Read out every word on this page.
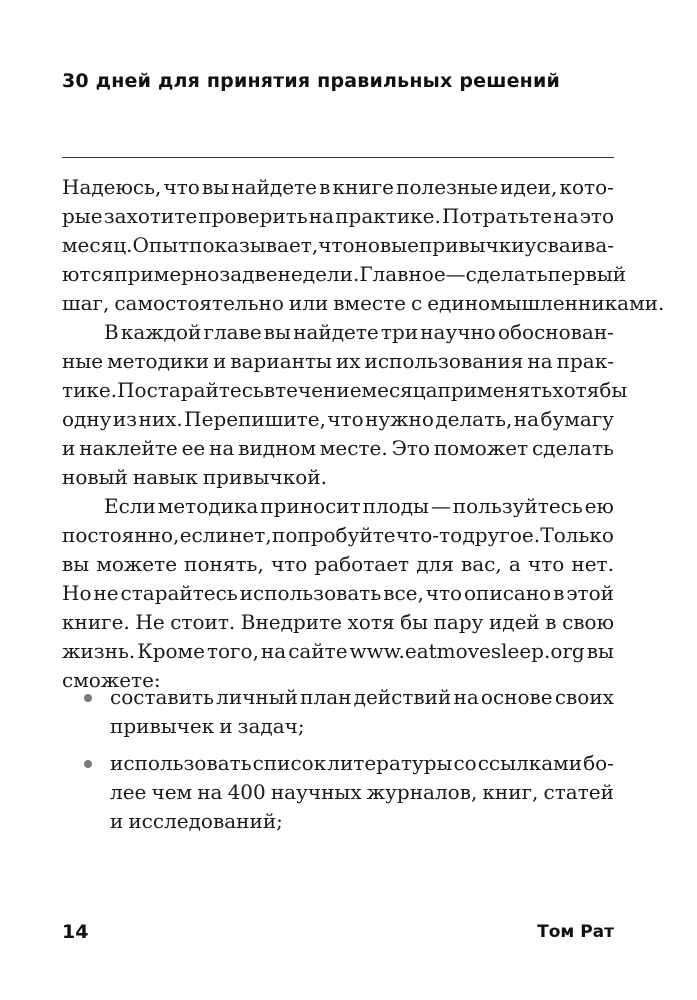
30 дней для принятия правильных решений
Надеюсь, что вы найдете в книге полезные идеи, кото-
рые захотите проверить на практике. Потратьте на это
месяц. Опыт показывает, что новые привычки усваива-
ются примерно за две недели. Главное — сделать первый
шаг, самостоятельно или вместе с единомышленниками.
В каждой главе вы найдете три научно обоснован-
ные методики и варианты их использования на прак-
тике. Постарайтесь в течение месяца применять хотя бы
одну из них. Перепишите, что нужно делать, на бумагу
и наклейте ее на видном месте. Это поможет сделать
новый навык привычкой.
Если методика приносит плоды — пользуйтесь ею
постоянно, если нет, попробуйте что-то другое. Только
вы можете понять, что работает для вас, а что нет.
Но не старайтесь использовать все, что описано в этой
книге. Не стоит. Внедрите хотя бы пару идей в свою
жизнь. Кроме того, на сайте www.eatmovesleep.org вы
сможете:
составить личный план действий на основе своих
привычек и задач;
использовать список литературы со ссылками бо-
лее чем на 400 научных журналов, книг, статей
и исследований;
14	Том Рат
